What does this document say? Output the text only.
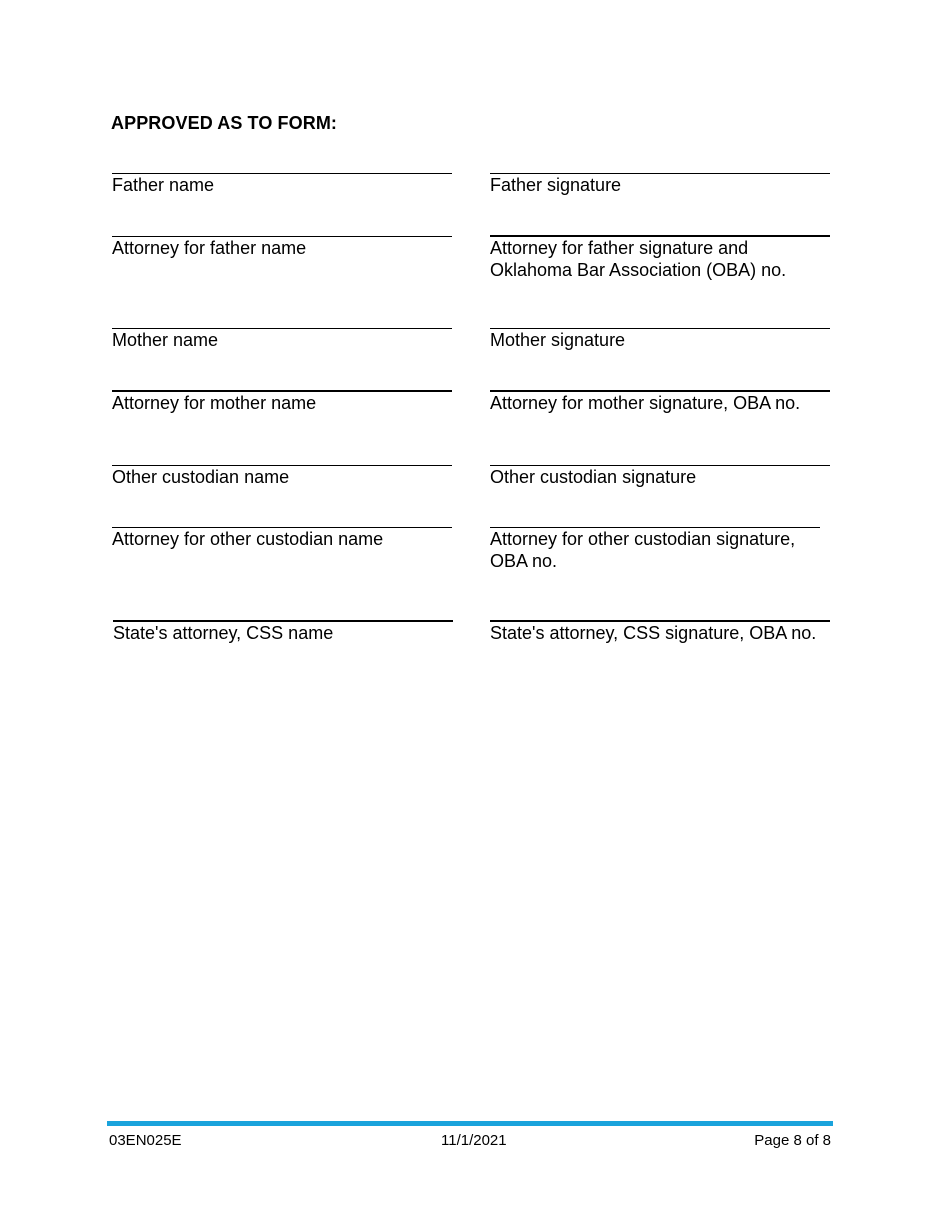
APPROVED AS TO FORM:
Father name	Father signature
Attorney for father name	Attorney for father signature and Oklahoma Bar Association (OBA) no.
Mother name	Mother signature
Attorney for mother name	Attorney for mother signature, OBA no.
Other custodian name	Other custodian signature
Attorney for other custodian name	Attorney for other custodian signature, OBA no.
State's attorney, CSS name	State's attorney, CSS signature, OBA no.
03EN025E	11/1/2021	Page 8 of 8
